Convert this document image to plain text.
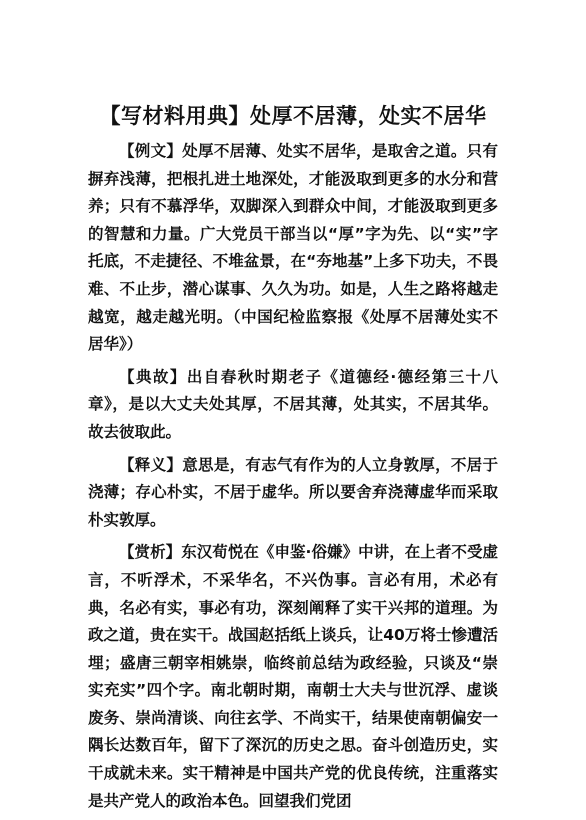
【写材料用典】处厚不居薄，处实不居华

【例文】处厚不居薄、处实不居华，是取舍之道。只有摒弃浅薄，把根扎进土地深处，才能汲取到更多的水分和营养；只有不慕浮华，双脚深入到群众中间，才能汲取到更多的智慧和力量。广大党员干部当以“厚”字为先、以“实”字托底，不走捷径、不堆盆景，在“夯地基”上多下功夫，不畏难、不止步，潜心谋事、久久为功。如是，人生之路将越走越宽，越走越光明。（中国纪检监察报《处厚不居薄处实不居华》）

【典故】出自春秋时期老子《道德经·德经第三十八章》，是以大丈夫处其厚，不居其薄，处其实，不居其华。故去彼取此。

【释义】意思是，有志气有作为的人立身敦厚，不居于浇薄；存心朴实，不居于虚华。所以要舍弃浇薄虚华而采取朴实敦厚。

【赏析】东汉荀悦在《申鉴·俗嫌》中讲，在上者不受虚言，不听浮术，不采华名，不兴伪事。言必有用，术必有典，名必有实，事必有功，深刻阐释了实干兴邦的道理。为政之道，贵在实干。战国赵括纸上谈兵，让40万将士惨遭活埋；盛唐三朝宰相姚崇，临终前总结为政经验，只谈及“崇实充实”四个字。南北朝时期，南朝士大夫与世沉浮、虚谈废务、崇尚清谈、向往玄学、不尚实干，结果使南朝偏安一隅长达数百年，留下了深沉的历史之思。奋斗创造历史，实干成就未来。实干精神是中国共产党的优良传统，注重落实是共产党人的政治本色。回望我们党团
